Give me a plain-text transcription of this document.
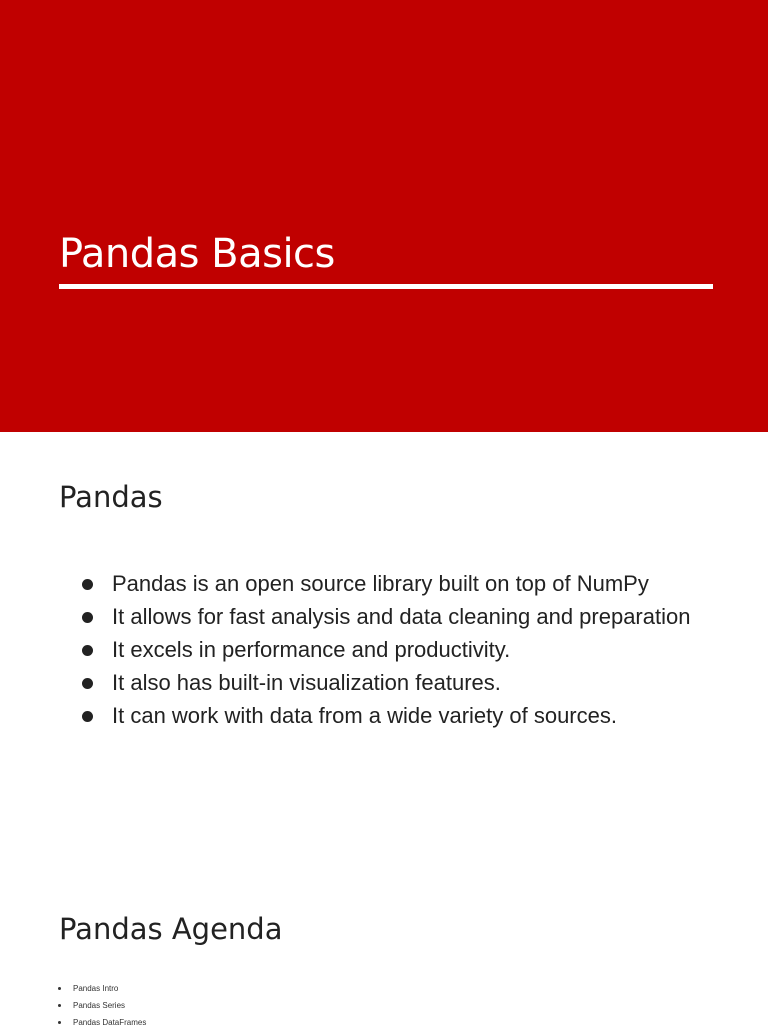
Pandas Basics
Pandas
Pandas is an open source library built on top of NumPy
It allows for fast analysis and data cleaning and preparation
It excels in performance and productivity.
It also has built-in visualization features.
It can work with data from a wide variety of sources.
Pandas Agenda
Pandas Intro
Pandas Series
Pandas DataFrames
